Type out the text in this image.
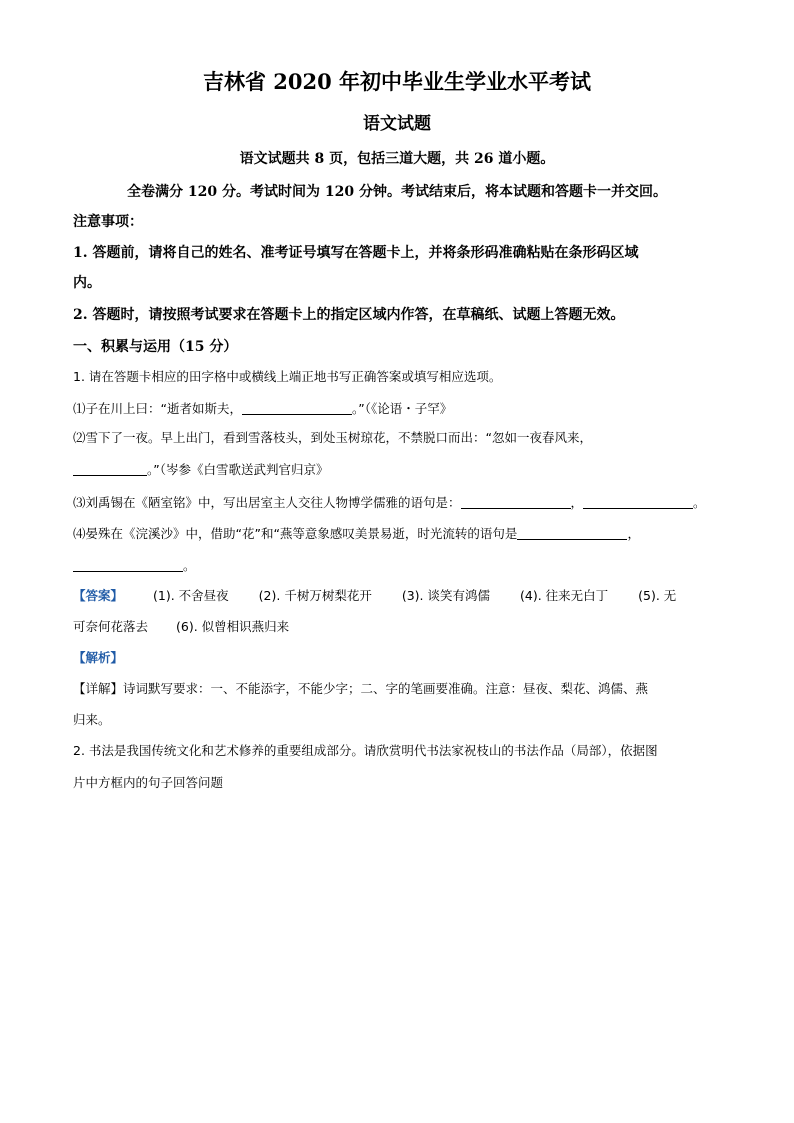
吉林省 2020 年初中毕业生学业水平考试
语文试题
语文试题共 8 页，包括三道大题，共 26 道小题。
全卷满分 120 分。考试时间为 120 分钟。考试结束后，将本试题和答题卡一并交回。
注意事项：
1. 答题前，请将自己的姓名、准考证号填写在答题卡上，并将条形码准确粘贴在条形码区域
内。
2. 答题时，请按照考试要求在答题卡上的指定区域内作答，在草稿纸、试题上答题无效。
一、积累与运用（15 分）
1. 请在答题卡相应的田字格中或横线上端正地书写正确答案或填写相应选项。
⑴子在川上曰：“逝者如斯夫，	。”（《论语・子罕》
⑵雪下了一夜。早上出门，看到雪落枝头，到处玉树琼花，不禁脱口而出：“忽如一夜春风来，
。”（岑参《白雪歌送武判官归京》
⑶刘禹锡在《陋室铭》中，写出居室主人交往人物博学儒雅的语句是：	，	。
⑷晏殊在《浣溪沙》中，借助“花”和“燕等意象感叹美景易逝，时光流转的语句是	，
。
【答案】 (1). 不舍昼夜 (2). 千树万树梨花开 (3). 谈笑有鸿儒 (4). 往来无白丁 (5). 无
可奈何花落去 (6). 似曾相识燕归来
【解析】
【详解】诗词默写要求：一、不能添字，不能少字；二、字的笔画要准确。注意：昼夜、梨花、鸿儒、燕
归来。
2. 书法是我国传统文化和艺术修养的重要组成部分。请欣赏明代书法家祝枝山的书法作品（局部），依据图
片中方框内的句子回答问题
